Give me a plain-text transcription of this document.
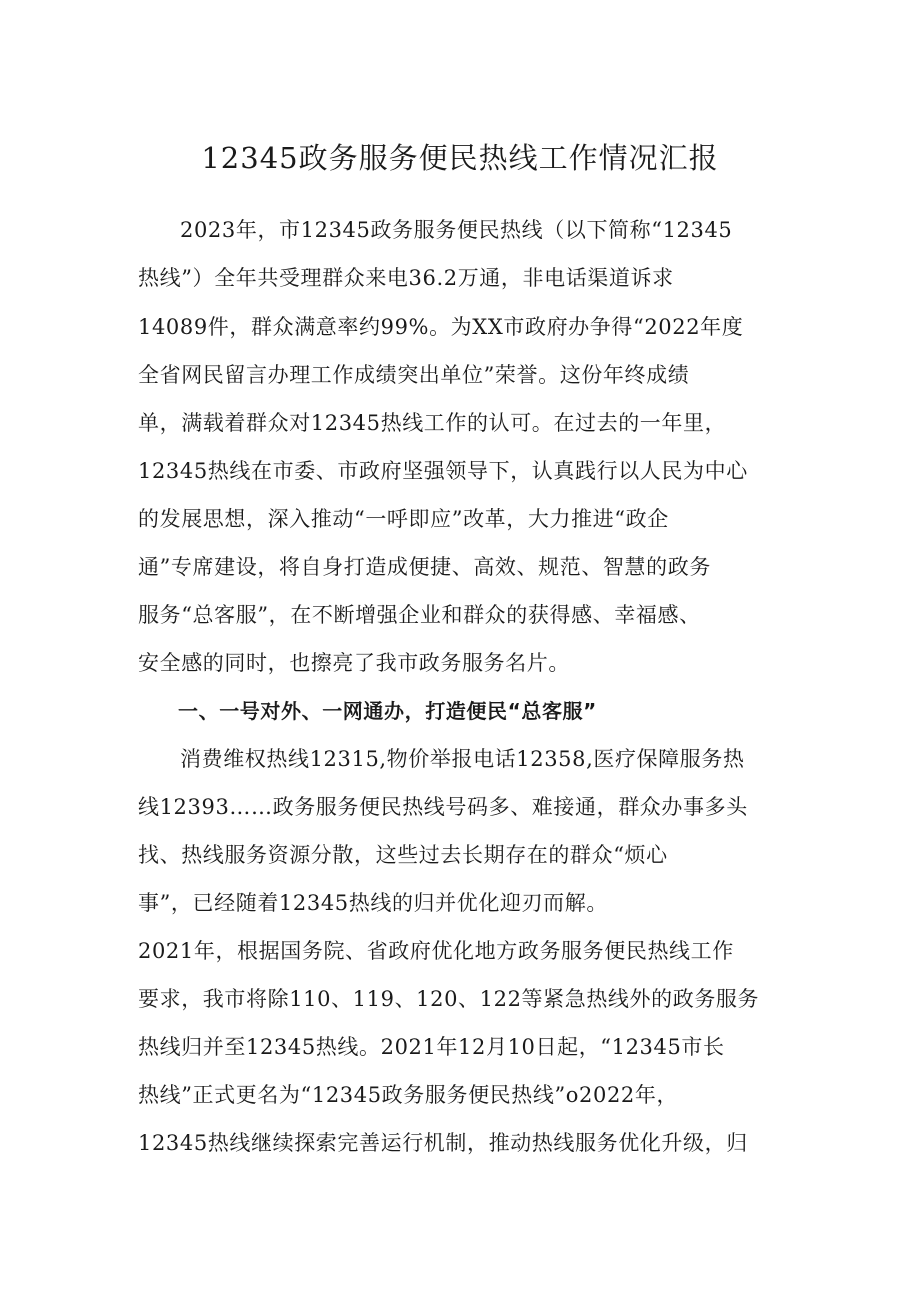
12345政务服务便民热线工作情况汇报
2023年，市12345政务服务便民热线（以下简称“12345
热线”）全年共受理群众来电36.2万通，非电话渠道诉求
14089件，群众满意率约99%。为XX市政府办争得“2022年度
全省网民留言办理工作成绩突出单位”荣誉。这份年终成绩
单，满载着群众对12345热线工作的认可。在过去的一年里，
12345热线在市委、市政府坚强领导下，认真践行以人民为中心
的发展思想，深入推动“一呼即应”改革，大力推进“政企
通”专席建设，将自身打造成便捷、高效、规范、智慧的政务
服务“总客服”，在不断增强企业和群众的获得感、幸福感、
安全感的同时，也擦亮了我市政务服务名片。
一、一号对外、一网通办，打造便民“总客服”
消费维权热线12315,物价举报电话12358,医疗保障服务热
线12393……政务服务便民热线号码多、难接通，群众办事多头
找、热线服务资源分散，这些过去长期存在的群众“烦心
事”，已经随着12345热线的归并优化迎刃而解。
2021年，根据国务院、省政府优化地方政务服务便民热线工作
要求，我市将除110、119、120、122等紧急热线外的政务服务
热线归并至12345热线。2021年12月10日起，“12345市长
热线”正式更名为“12345政务服务便民热线”o2022年，
12345热线继续探索完善运行机制，推动热线服务优化升级，归
